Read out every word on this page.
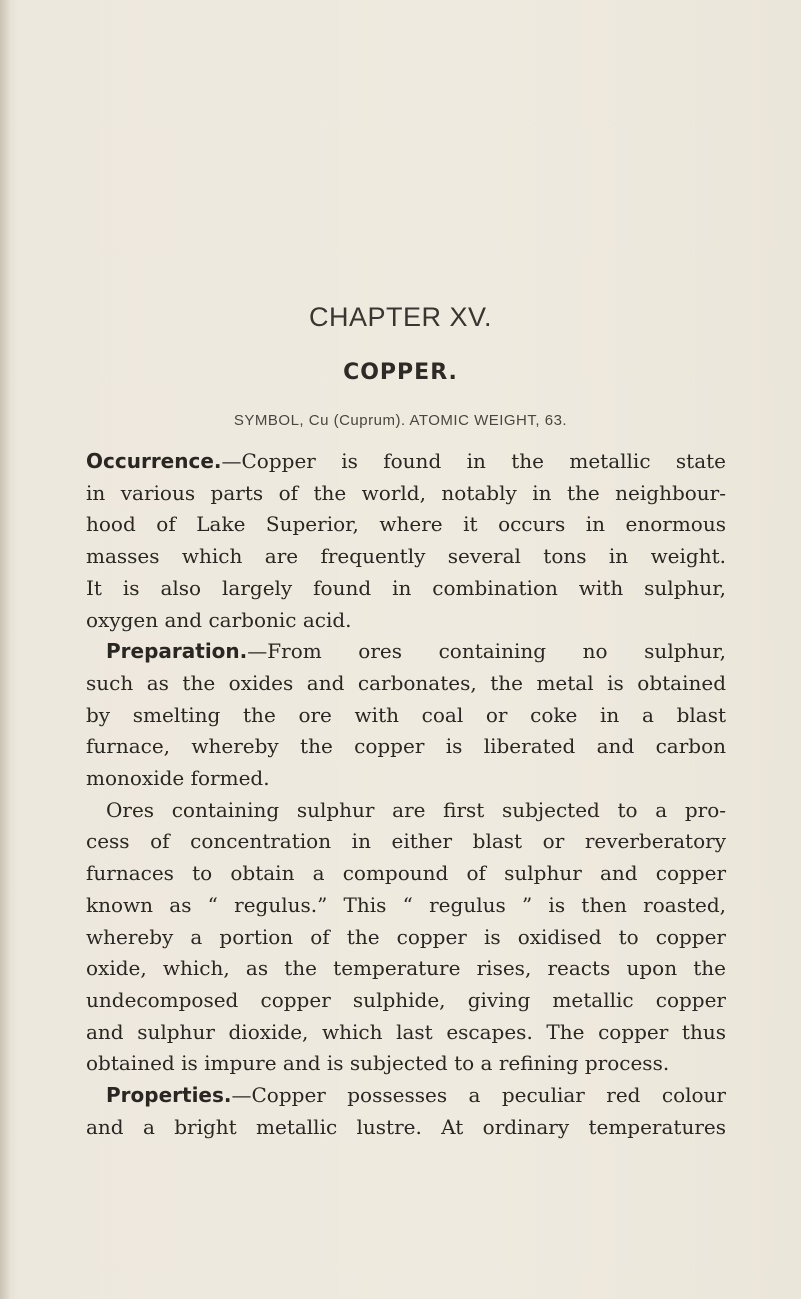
CHAPTER XV.
COPPER.
SYMBOL, Cu (Cuprum). ATOMIC WEIGHT, 63.

Occurrence.—Copper is found in the metallic state
in various parts of the world, notably in the neighbour-
hood of Lake Superior, where it occurs in enormous
masses which are frequently several tons in weight.
It is also largely found in combination with sulphur,
oxygen and carbonic acid.

Preparation.—From ores containing no sulphur,

such as the oxides and carbonates, the metal is obtained
by smelting the ore with coal or coke in a blast
furnace, whereby the copper is liberated and carbon
monoxide formed.

Ores containing sulphur are first subjected to a pro-

cess of concentration in either blast or reverberatory
furnaces to obtain a compound of sulphur and copper
known as “ regulus.” This “ regulus ” is then roasted,
whereby a portion of the copper is oxidised to copper
oxide, which, as the temperature rises, reacts upon the
undecomposed copper sulphide, giving metallic copper
and sulphur dioxide, which last escapes. The copper thus
obtained is impure and is subjected to a refining process.

Properties.—Copper possesses a peculiar red colour

and a bright metallic lustre. At ordinary temperatures
